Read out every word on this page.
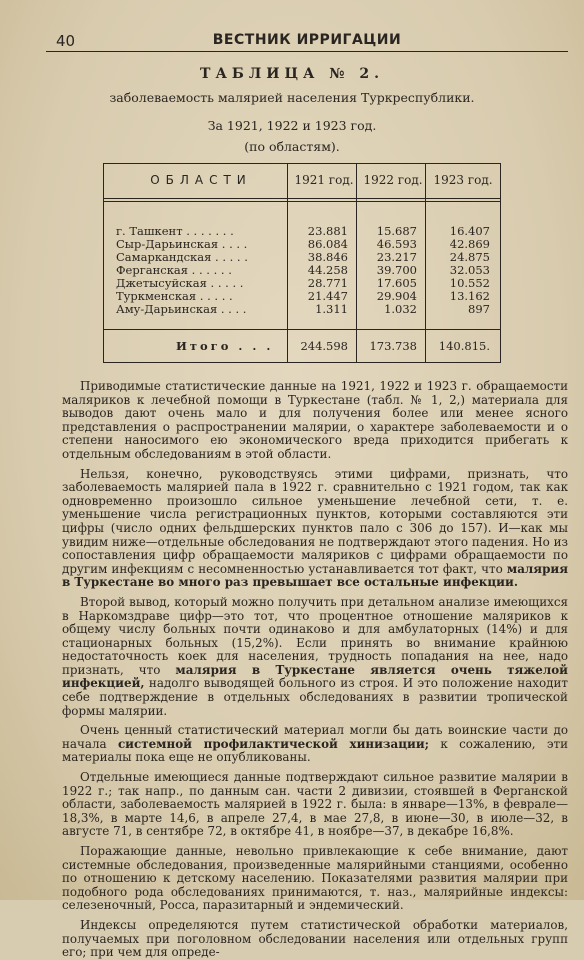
40	ВЕСТНИК ИРРИГАЦИИ
ТАБЛИЦА № 2.
заболеваемость малярией населения Туркреспублики.
За 1921, 1922 и 1923 год.
(по областям).
ОБЛАСТИ	1921 год. 1922 год. 1923 год.
г. Ташкент . . . . . . .	23.881	15.687	16.407
Сыр-Дарьинская . . . .	86.084	46.593	42.869
Самаркандская . . . . .	38.846	23.217	24.875
Ферганская . . . . . .	44.258	39.700	32.053
Джетысуйская . . . . .	28.771	17.605	10.552
Туркменская . . . . .	21.447	29.904	13.162
Аму-Дарьинская . . . .	1.311	1.032	897
Итого . . .	244.598	173.738	140.815.

Приводимые статистические данные на 1921, 1922 и 1923 г. обращаемости маляриков к лечебной помощи в Туркестане (табл. № 1, 2,) материала для выводов дают очень мало и для получения более или менее ясного представления о распространении малярии, о характере заболеваемости и о степени наносимого ею экономического вреда приходится прибегать к отдельным обследованиям в этой области.

Нельзя, конечно, руководствуясь этими цифрами, признать, что заболеваемость малярией пала в 1922 г. сравнительно с 1921 годом, так как одновременно произошло сильное уменьшение лечебной сети, т. е. уменьшение числа регистрационных пунктов, которыми составляются эти цифры (число одних фельдшерских пунктов пало с 306 до 157). И—как мы увидим ниже—отдельные обследования не подтверждают этого падения. Но из сопоставления цифр обращаемости маляриков с цифрами обращаемости по другим инфекциям с несомненностью устанавливается тот факт, что малярия в Туркестане во много раз превышает все остальные инфекции.

Второй вывод, который можно получить при детальном анализе имеющихся в Наркомздраве цифр—это тот, что процентное отношение маляриков к общему числу больных почти одинаково и для амбулаторных (14%) и для стационарных больных (15,2%). Если принять во внимание крайнюю недостаточность коек для населения, трудность попадания на нее, надо признать, что малярия в Туркестане является очень тяжелой инфекцией, надолго выводящей больного из строя. И это положение находит себе подтверждение в отдельных обследованиях в развитии тропической формы малярии.

Очень ценный статистический материал могли бы дать воинские части до начала системной профилактической хинизации; к сожалению, эти материалы пока еще не опубликованы.

Отдельные имеющиеся данные подтверждают сильное развитие малярии в 1922 г.; так напр., по данным сан. части 2 дивизии, стоявшей в Ферганской области, заболеваемость малярией в 1922 г. была: в январе—13%, в феврале—18,3%, в марте 14,6, в апреле 27,4, в мае 27,8, в июне—30, в июле—32, в августе 71, в сентябре 72, в октябре 41, в ноябре—37, в декабре 16,8%.

Поражающие данные, невольно привлекающие к себе внимание, дают системные обследования, произведенные малярийными станциями, особенно по отношению к детскому населению. Показателями развития малярии при подобного рода обследованиях принимаются, т. наз., малярийные индексы: селезеночный, Росса, паразитарный и эндемический.

Индексы определяются путем статистической обработки материалов, получаемых при поголовном обследовании населения или отдельных групп его; при чем для опреде-
